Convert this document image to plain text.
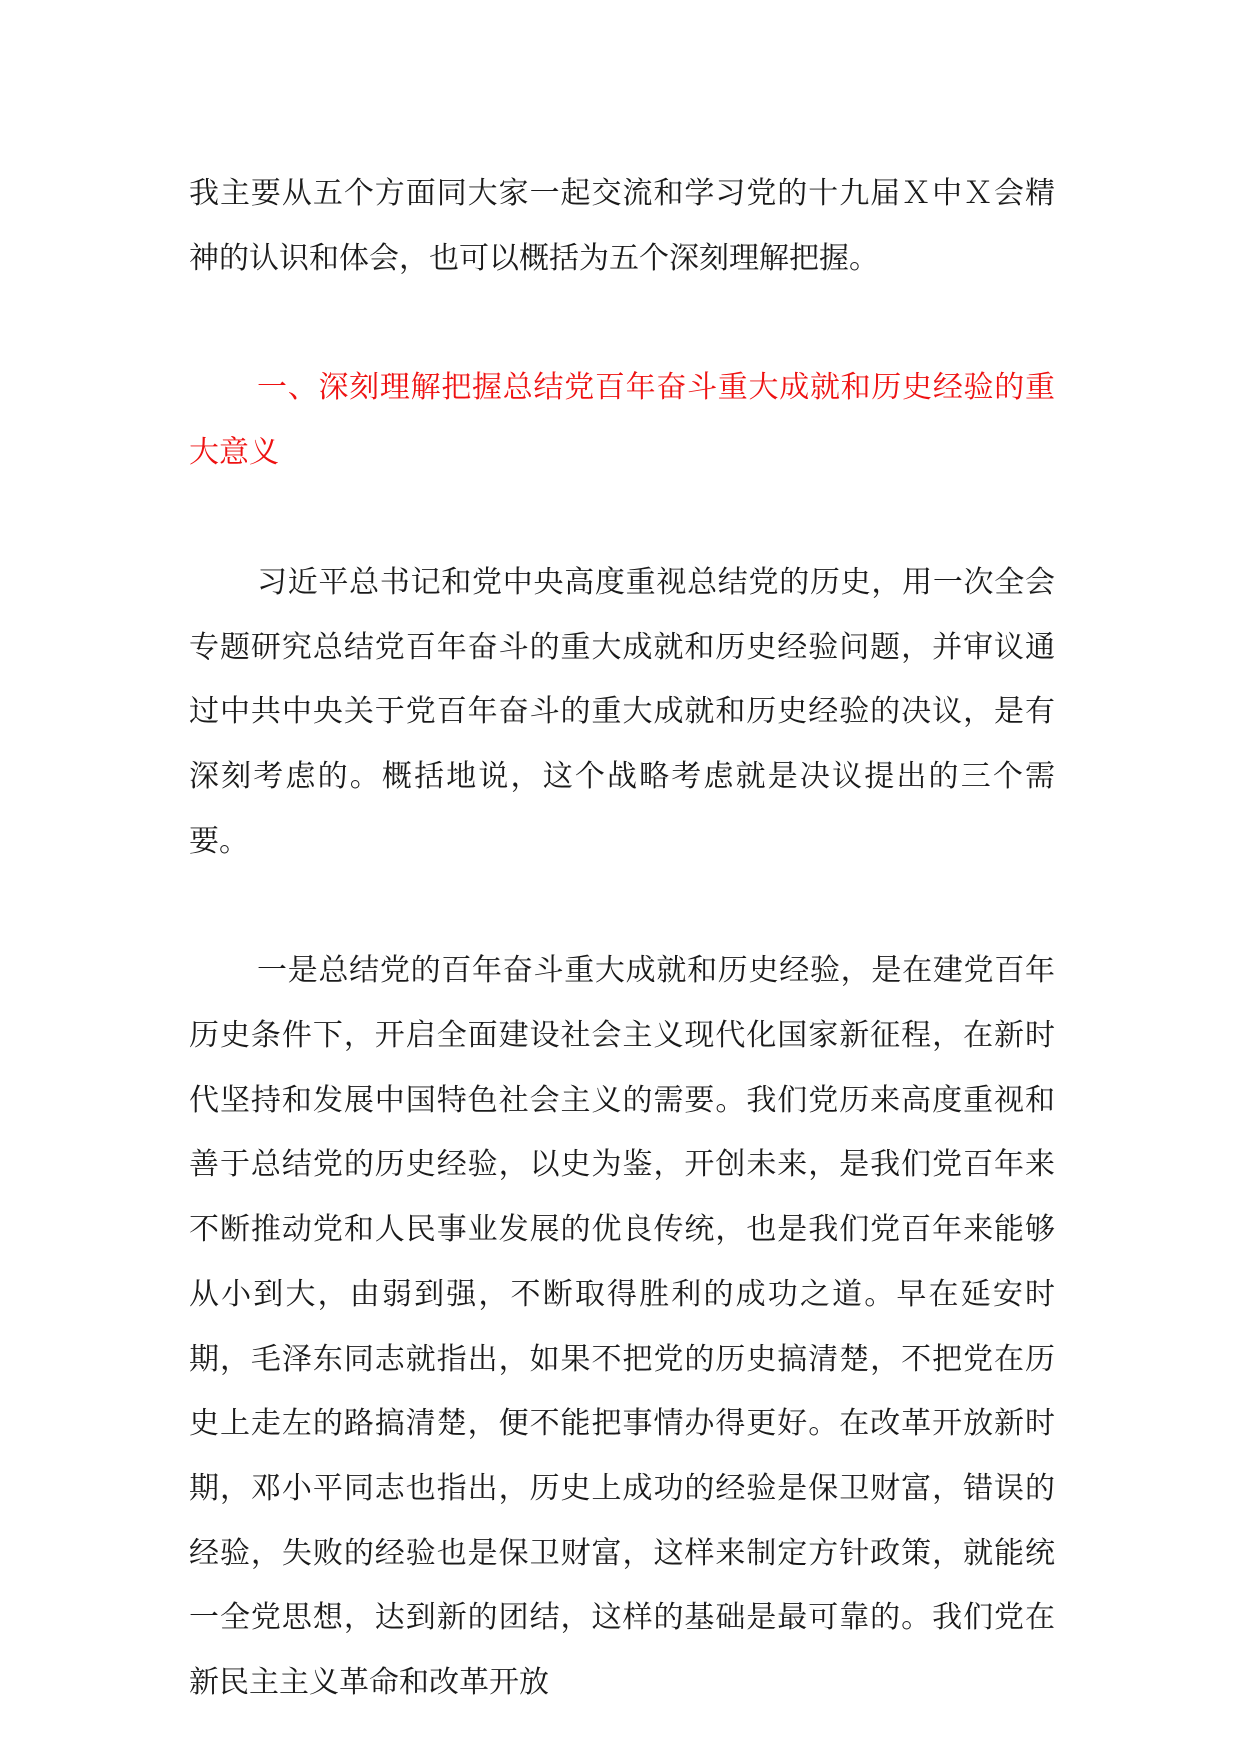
我主要从五个方面同大家一起交流和学习党的十九届Ｘ中Ｘ会精神的认识和体会，也可以概括为五个深刻理解把握。

一、深刻理解把握总结党百年奋斗重大成就和历史经验的重大意义

习近平总书记和党中央高度重视总结党的历史，用一次全会专题研究总结党百年奋斗的重大成就和历史经验问题，并审议通过中共中央关于党百年奋斗的重大成就和历史经验的决议，是有深刻考虑的。概括地说，这个战略考虑就是决议提出的三个需要。

一是总结党的百年奋斗重大成就和历史经验，是在建党百年历史条件下，开启全面建设社会主义现代化国家新征程，在新时代坚持和发展中国特色社会主义的需要。我们党历来高度重视和善于总结党的历史经验，以史为鉴，开创未来，是我们党百年来不断推动党和人民事业发展的优良传统，也是我们党百年来能够从小到大，由弱到强，不断取得胜利的成功之道。早在延安时期，毛泽东同志就指出，如果不把党的历史搞清楚，不把党在历史上走左的路搞清楚，便不能把事情办得更好。在改革开放新时期，邓小平同志也指出，历史上成功的经验是保卫财富，错误的经验，失败的经验也是保卫财富，这样来制定方针政策，就能统一全党思想，达到新的团结，这样的基础是最可靠的。我们党在新民主主义革命和改革开放
